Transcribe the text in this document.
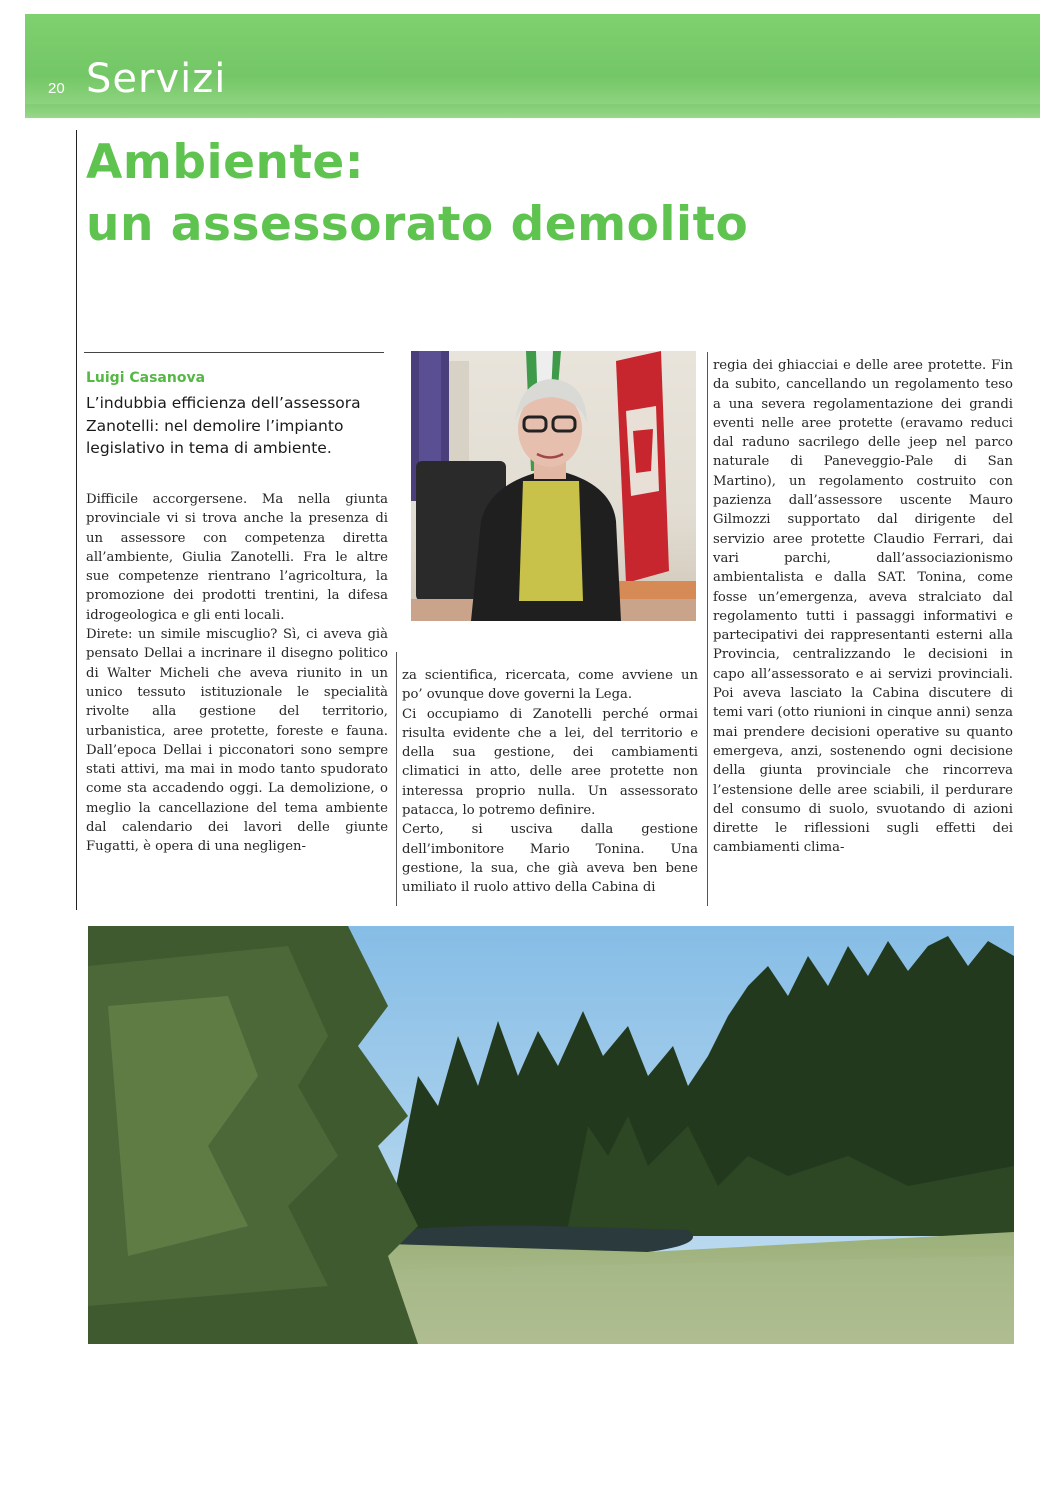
20 Servizi
Ambiente:
un assessorato demolito
Luigi Casanova
L’indubbia efficienza dell’assessora Zanotelli: nel demolire l’impianto legislativo in tema di ambiente.

Difficile accorgersene. Ma nella giunta provinciale vi si trova anche la presenza di un assessore con competenza diretta all’ambiente, Giulia Zanotelli. Fra le altre sue competenze rientrano l’agricoltura, la promozione dei prodotti trentini, la difesa idrogeologica e gli enti locali.

Direte: un simile miscuglio? Sì, ci aveva già pensato Dellai a incrinare il disegno politico di Walter Micheli che aveva riunito in un unico tessuto istituzionale le specialità rivolte alla gestione del territorio, urbanistica, aree protette, foreste e fauna. Dall’epoca Dellai i picconatori sono sempre stati attivi, ma mai in modo tanto spudorato come sta accadendo oggi. La demolizione, o meglio la cancellazione del tema ambiente dal calendario dei lavori delle giunte Fugatti, è opera di una negligen-

za scientifica, ricercata, come avviene un po’ ovunque dove governi la Lega.

Ci occupiamo di Zanotelli perché ormai risulta evidente che a lei, del territorio e della sua gestione, dei cambiamenti climatici in atto, delle aree protette non interessa proprio nulla. Un assessorato patacca, lo potremo definire.

Certo, si usciva dalla gestione dell’imbonitore Mario Tonina. Una gestione, la sua, che già aveva ben bene umiliato il ruolo attivo della Cabina di

regia dei ghiacciai e delle aree protette. Fin da subito, cancellando un regolamento teso a una severa regolamentazione dei grandi eventi nelle aree protette (eravamo reduci dal raduno sacrilego delle jeep nel parco naturale di Paneveggio-Pale di San Martino), un regolamento costruito con pazienza dall’assessore uscente Mauro Gilmozzi supportato dal dirigente del servizio aree protette Claudio Ferrari, dai vari parchi, dall’associazionismo ambientalista e dalla SAT. Tonina, come fosse un’emergenza, aveva stralciato dal regolamento tutti i passaggi informativi e partecipativi dei rappresentanti esterni alla Provincia, centralizzando le decisioni in capo all’assessorato e ai servizi provinciali. Poi aveva lasciato la Cabina discutere di temi vari (otto riunioni in cinque anni) senza mai prendere decisioni operative su quanto emergeva, anzi, sostenendo ogni decisione della giunta provinciale che rincorreva l’estensione delle aree sciabili, il perdurare del consumo di suolo, svuotando di azioni dirette le riflessioni sugli effetti dei cambiamenti clima-
